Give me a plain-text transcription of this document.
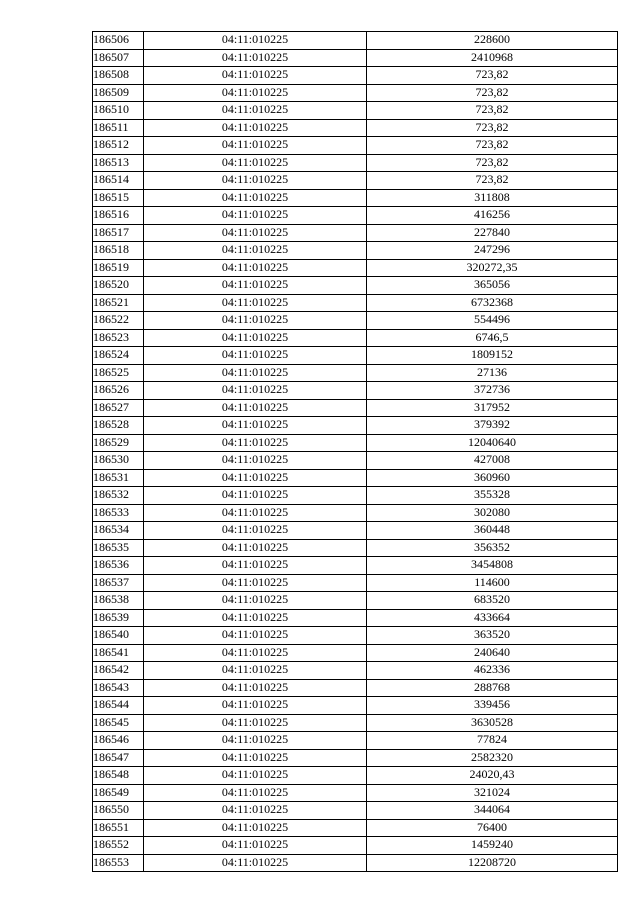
186506	04:11:010225	228600
186507	04:11:010225	2410968
186508	04:11:010225	723,82
186509	04:11:010225	723,82
186510	04:11:010225	723,82
186511	04:11:010225	723,82
186512	04:11:010225	723,82
186513	04:11:010225	723,82
186514	04:11:010225	723,82
186515	04:11:010225	311808
186516	04:11:010225	416256
186517	04:11:010225	227840
186518	04:11:010225	247296
186519	04:11:010225	320272,35
186520	04:11:010225	365056
186521	04:11:010225	6732368
186522	04:11:010225	554496
186523	04:11:010225	6746,5
186524	04:11:010225	1809152
186525	04:11:010225	27136
186526	04:11:010225	372736
186527	04:11:010225	317952
186528	04:11:010225	379392
186529	04:11:010225	12040640
186530	04:11:010225	427008
186531	04:11:010225	360960
186532	04:11:010225	355328
186533	04:11:010225	302080
186534	04:11:010225	360448
186535	04:11:010225	356352
186536	04:11:010225	3454808
186537	04:11:010225	114600
186538	04:11:010225	683520
186539	04:11:010225	433664
186540	04:11:010225	363520
186541	04:11:010225	240640
186542	04:11:010225	462336
186543	04:11:010225	288768
186544	04:11:010225	339456
186545	04:11:010225	3630528
186546	04:11:010225	77824
186547	04:11:010225	2582320
186548	04:11:010225	24020,43
186549	04:11:010225	321024
186550	04:11:010225	344064
186551	04:11:010225	76400
186552	04:11:010225	1459240
186553	04:11:010225	12208720
